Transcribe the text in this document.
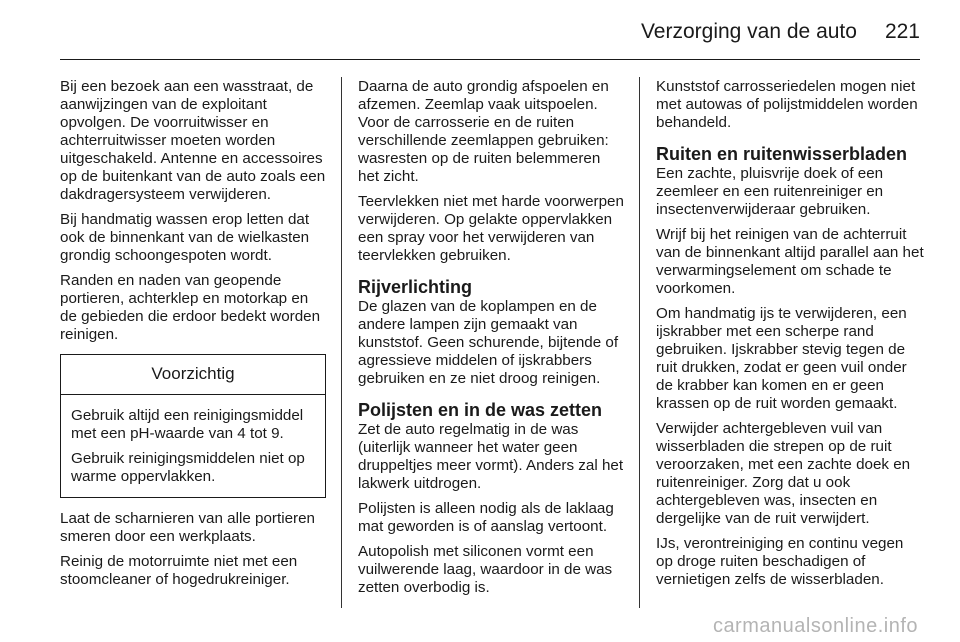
Verzorging van de auto 221

Bij een bezoek aan een wasstraat, de aanwijzingen van de exploitant opvolgen. De voorruitwisser en achterruitwisser moeten worden uitgeschakeld. Antenne en accessoires op de buitenkant van de auto zoals een dakdragersysteem verwijderen.

Bij handmatig wassen erop letten dat ook de binnenkant van de wielkasten grondig schoongespoten wordt.

Randen en naden van geopende portieren, achterklep en motorkap en de gebieden die erdoor bedekt worden reinigen.

Voorzichtig

Gebruik altijd een reinigingsmiddel met een pH-waarde van 4 tot 9.

Gebruik reinigingsmiddelen niet op warme oppervlakken.

Laat de scharnieren van alle portieren smeren door een werkplaats.

Reinig de motorruimte niet met een stoomcleaner of hogedrukreiniger.

Daarna de auto grondig afspoelen en afzemen. Zeemlap vaak uitspoelen. Voor de carrosserie en de ruiten verschillende zeemlappen gebruiken: wasresten op de ruiten belemmeren het zicht.

Teervlekken niet met harde voorwerpen verwijderen. Op gelakte oppervlakken een spray voor het verwijderen van teervlekken gebruiken.

Rijverlichting

De glazen van de koplampen en de andere lampen zijn gemaakt van kunststof. Geen schurende, bijtende of agressieve middelen of ijskrabbers gebruiken en ze niet droog reinigen.

Polijsten en in de was zetten

Zet de auto regelmatig in de was (uiterlijk wanneer het water geen druppeltjes meer vormt). Anders zal het lakwerk uitdrogen.

Polijsten is alleen nodig als de laklaag mat geworden is of aanslag vertoont.

Autopolish met siliconen vormt een vuilwerende laag, waardoor in de was zetten overbodig is.

Kunststof carrosseriedelen mogen niet met autowas of polijstmiddelen worden behandeld.

Ruiten en ruitenwisserbladen

Een zachte, pluisvrije doek of een zeemleer en een ruitenreiniger en insectenverwijderaar gebruiken.

Wrijf bij het reinigen van de achterruit van de binnenkant altijd parallel aan het verwarmingselement om schade te voorkomen.

Om handmatig ijs te verwijderen, een ijskrabber met een scherpe rand gebruiken. Ijskrabber stevig tegen de ruit drukken, zodat er geen vuil onder de krabber kan komen en er geen krassen op de ruit worden gemaakt.

Verwijder achtergebleven vuil van wisserbladen die strepen op de ruit veroorzaken, met een zachte doek en ruitenreiniger. Zorg dat u ook achtergebleven was, insecten en dergelijke van de ruit verwijdert.

IJs, verontreiniging en continu vegen op droge ruiten beschadigen of vernietigen zelfs de wisserbladen.

carmanualsonline.info
